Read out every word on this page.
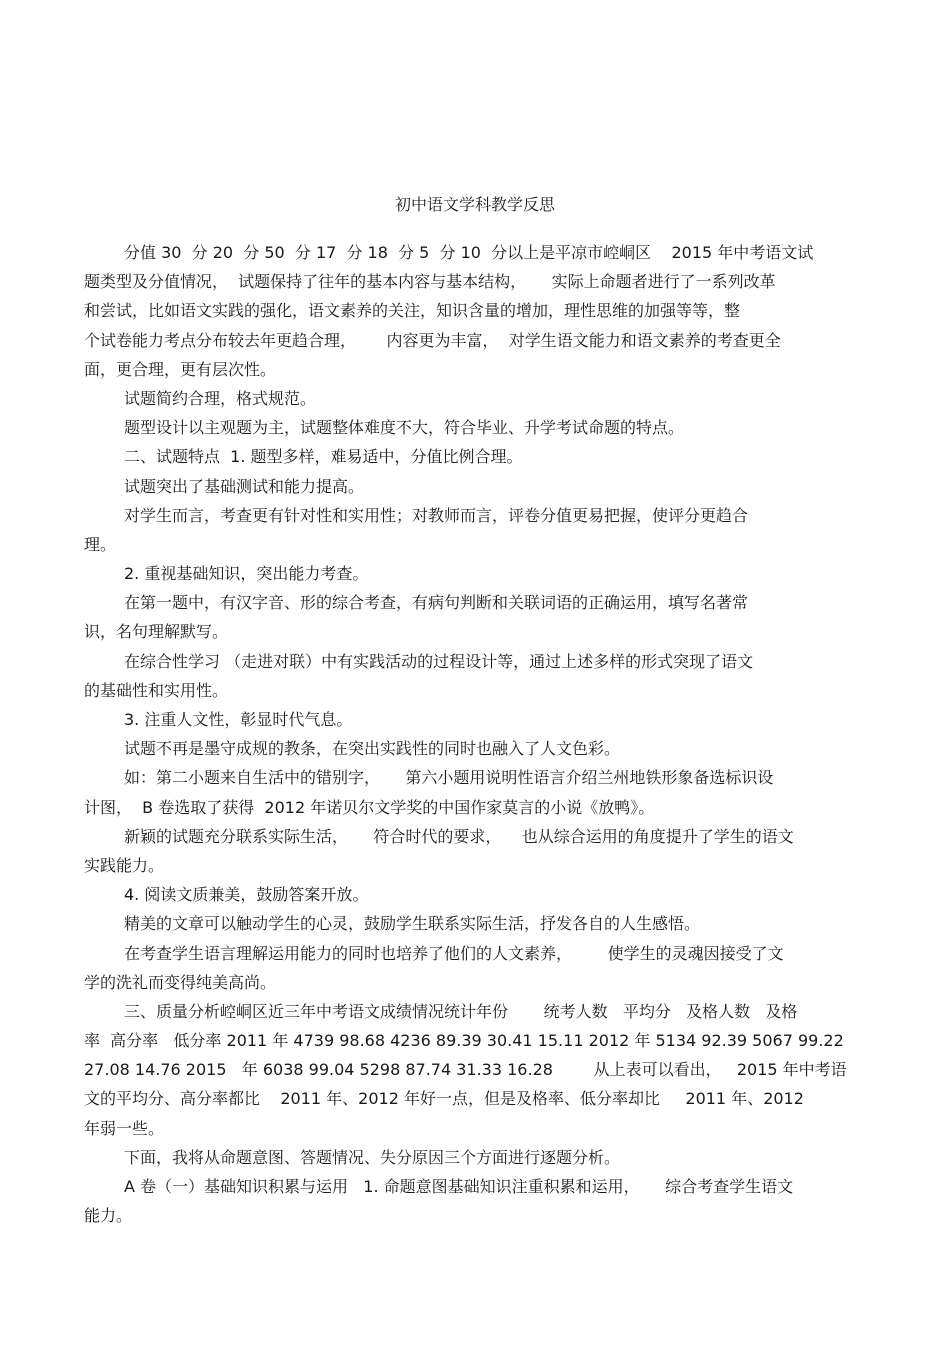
初中语文学科教学反思
分值 30  分 20  分 50  分 17  分 18  分 5  分 10  分以上是平凉市崆峒区    2015 年中考语文试
题类型及分值情况，  试题保持了往年的基本内容与基本结构，     实际上命题者进行了一系列改革
和尝试，比如语文实践的强化，语文素养的关注，知识含量的增加，理性思维的加强等等，整
个试卷能力考点分布较去年更趋合理，      内容更为丰富，  对学生语文能力和语文素养的考查更全
面，更合理，更有层次性。
试题简约合理，格式规范。
题型设计以主观题为主，试题整体难度不大，符合毕业、升学考试命题的特点。
二、试题特点  1. 题型多样，难易适中，分值比例合理。
试题突出了基础测试和能力提高。
对学生而言，考查更有针对性和实用性；对教师而言，评卷分值更易把握，使评分更趋合
理。
2. 重视基础知识，突出能力考查。
在第一题中，有汉字音、形的综合考查，有病句判断和关联词语的正确运用，填写名著常
识，名句理解默写。
在综合性学习 （走进对联）中有实践活动的过程设计等，通过上述多样的形式突现了语文
的基础性和实用性。
3. 注重人文性，彰显时代气息。
试题不再是墨守成规的教条，在突出实践性的同时也融入了人文色彩。
如：第二小题来自生活中的错别字，     第六小题用说明性语言介绍兰州地铁形象备选标识设
计图，  B 卷选取了获得  2012 年诺贝尔文学奖的中国作家莫言的小说《放鸭》。
新颖的试题充分联系实际生活，     符合时代的要求，    也从综合运用的角度提升了学生的语文
实践能力。
4. 阅读文质兼美，鼓励答案开放。
精美的文章可以触动学生的心灵，鼓励学生联系实际生活，抒发各自的人生感悟。
在考查学生语言理解运用能力的同时也培养了他们的人文素养，       使学生的灵魂因接受了文
学的洗礼而变得纯美高尚。
三、质量分析崆峒区近三年中考语文成绩情况统计年份       统考人数   平均分   及格人数   及格
率  高分率   低分率 2011 年 4739 98.68 4236 89.39 30.41 15.11 2012 年 5134 92.39 5067 99.22
27.08 14.76 2015   年 6038 99.04 5298 87.74 31.33 16.28        从上表可以看出，   2015 年中考语
文的平均分、高分率都比    2011 年、2012 年好一点，但是及格率、低分率却比     2011 年、2012
年弱一些。
下面，我将从命题意图、答题情况、失分原因三个方面进行逐题分析。
A 卷（一）基础知识积累与运用   1. 命题意图基础知识注重积累和运用，     综合考查学生语文
能力。
